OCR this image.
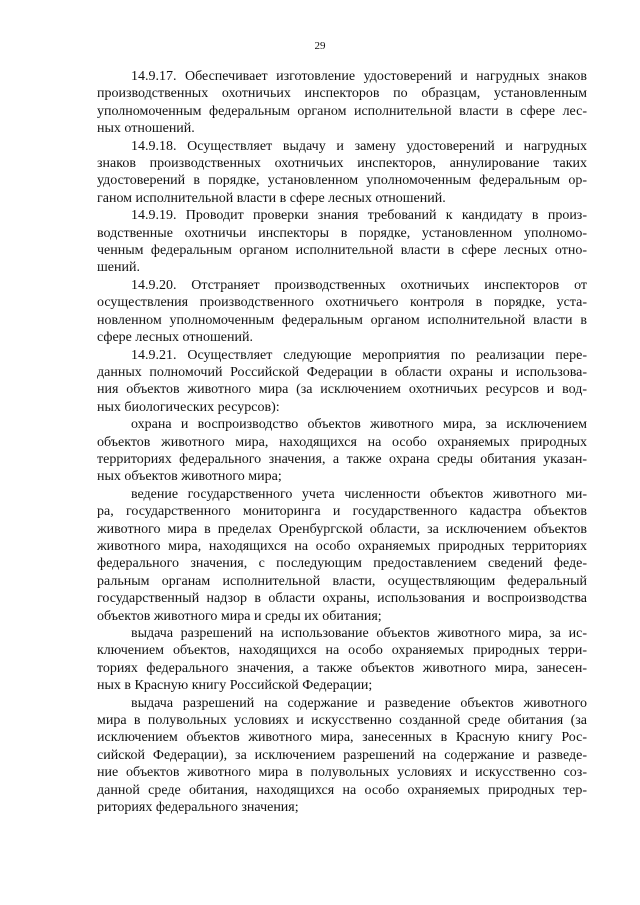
29
14.9.17. Обеспечивает изготовление удостоверений и нагрудных знаков
производственных охотничьих инспекторов по образцам, установленным
уполномоченным федеральным органом исполнительной власти в сфере лес-
ных отношений.
14.9.18. Осуществляет выдачу и замену удостоверений и нагрудных
знаков производственных охотничьих инспекторов, аннулирование таких
удостоверений в порядке, установленном уполномоченным федеральным ор-
ганом исполнительной власти в сфере лесных отношений.
14.9.19. Проводит проверки знания требований к кандидату в произ-
водственные охотничьи инспекторы в порядке, установленном уполномо-
ченным федеральным органом исполнительной власти в сфере лесных отно-
шений.
14.9.20. Отстраняет производственных охотничьих инспекторов от
осуществления производственного охотничьего контроля в порядке, уста-
новленном уполномоченным федеральным органом исполнительной власти в
сфере лесных отношений.
14.9.21. Осуществляет следующие мероприятия по реализации пере-
данных полномочий Российской Федерации в области охраны и использова-
ния объектов животного мира (за исключением охотничьих ресурсов и вод-
ных биологических ресурсов):
охрана и воспроизводство объектов животного мира, за исключением
объектов животного мира, находящихся на особо охраняемых природных
территориях федерального значения, а также охрана среды обитания указан-
ных объектов животного мира;
ведение государственного учета численности объектов животного ми-
ра, государственного мониторинга и государственного кадастра объектов
животного мира в пределах Оренбургской области, за исключением объектов
животного мира, находящихся на особо охраняемых природных территориях
федерального значения, с последующим предоставлением сведений феде-
ральным органам исполнительной власти, осуществляющим федеральный
государственный надзор в области охраны, использования и воспроизводства
объектов животного мира и среды их обитания;
выдача разрешений на использование объектов животного мира, за ис-
ключением объектов, находящихся на особо охраняемых природных терри-
ториях федерального значения, а также объектов животного мира, занесен-
ных в Красную книгу Российской Федерации;
выдача разрешений на содержание и разведение объектов животного
мира в полувольных условиях и искусственно созданной среде обитания (за
исключением объектов животного мира, занесенных в Красную книгу Рос-
сийской Федерации), за исключением разрешений на содержание и разведе-
ние объектов животного мира в полувольных условиях и искусственно соз-
данной среде обитания, находящихся на особо охраняемых природных тер-
риториях федерального значения;
